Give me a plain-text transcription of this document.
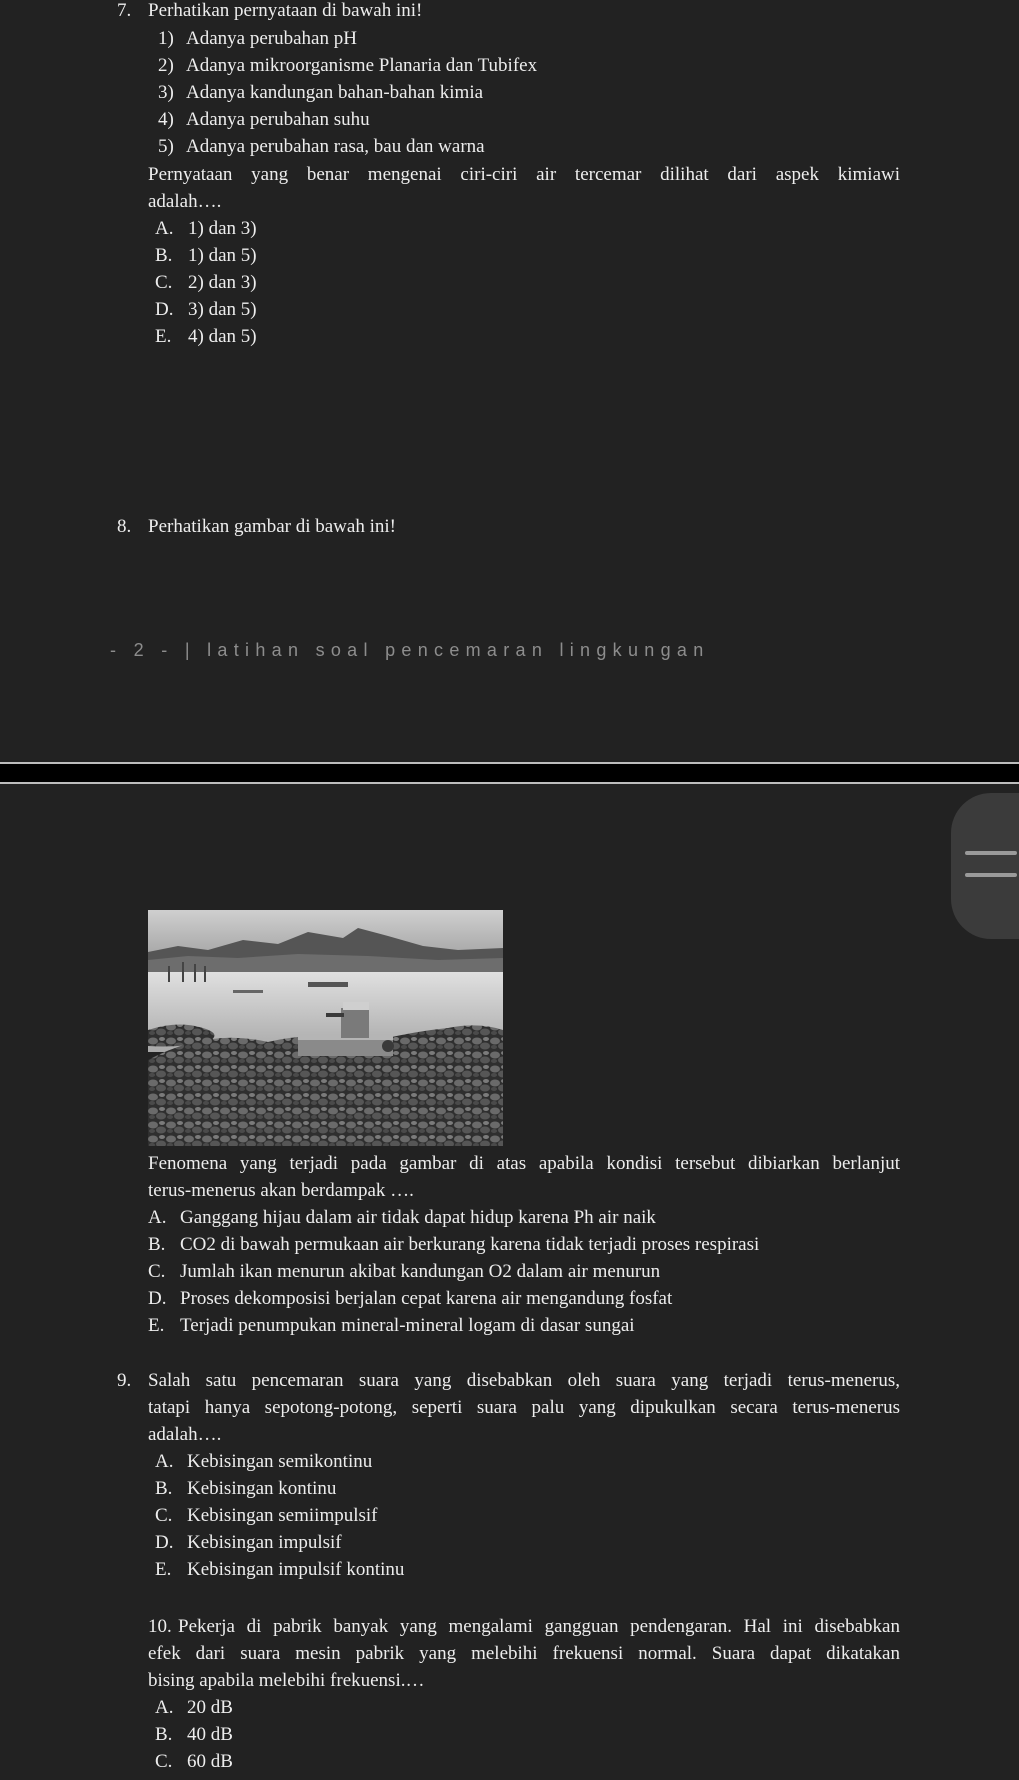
7. Perhatikan pernyataan di bawah ini!
1) Adanya perubahan pH
2) Adanya mikroorganisme Planaria dan Tubifex
3) Adanya kandungan bahan-bahan kimia
4) Adanya perubahan suhu
5) Adanya perubahan rasa, bau dan warna
Pernyataan yang benar mengenai ciri-ciri air tercemar dilihat dari aspek kimiawi
adalah….
A. 1) dan 3)
B. 1) dan 5)
C. 2) dan 3)
D. 3) dan 5)
E. 4) dan 5)
8. Perhatikan gambar di bawah ini!
- 2 - | latihan soal pencemaran lingkungan
Fenomena yang terjadi pada gambar di atas apabila kondisi tersebut dibiarkan berlanjut
terus-menerus akan berdampak ….
A. Ganggang hijau dalam air tidak dapat hidup karena Ph air naik
B. CO2 di bawah permukaan air berkurang karena tidak terjadi proses respirasi
C. Jumlah ikan menurun akibat kandungan O2 dalam air menurun
D. Proses dekomposisi berjalan cepat karena air mengandung fosfat
E. Terjadi penumpukan mineral-mineral logam di dasar sungai
9. Salah satu pencemaran suara yang disebabkan oleh suara yang terjadi terus-menerus,
tatapi hanya sepotong-potong, seperti suara palu yang dipukulkan secara terus-menerus
adalah….
A. Kebisingan semikontinu
B. Kebisingan kontinu
C. Kebisingan semiimpulsif
D. Kebisingan impulsif
E. Kebisingan impulsif kontinu
10. Pekerja di pabrik banyak yang mengalami gangguan pendengaran. Hal ini disebabkan
efek dari suara mesin pabrik yang melebihi frekuensi normal. Suara dapat dikatakan
bising apabila melebihi frekuensi.…
A. 20 dB
B. 40 dB
C. 60 dB
